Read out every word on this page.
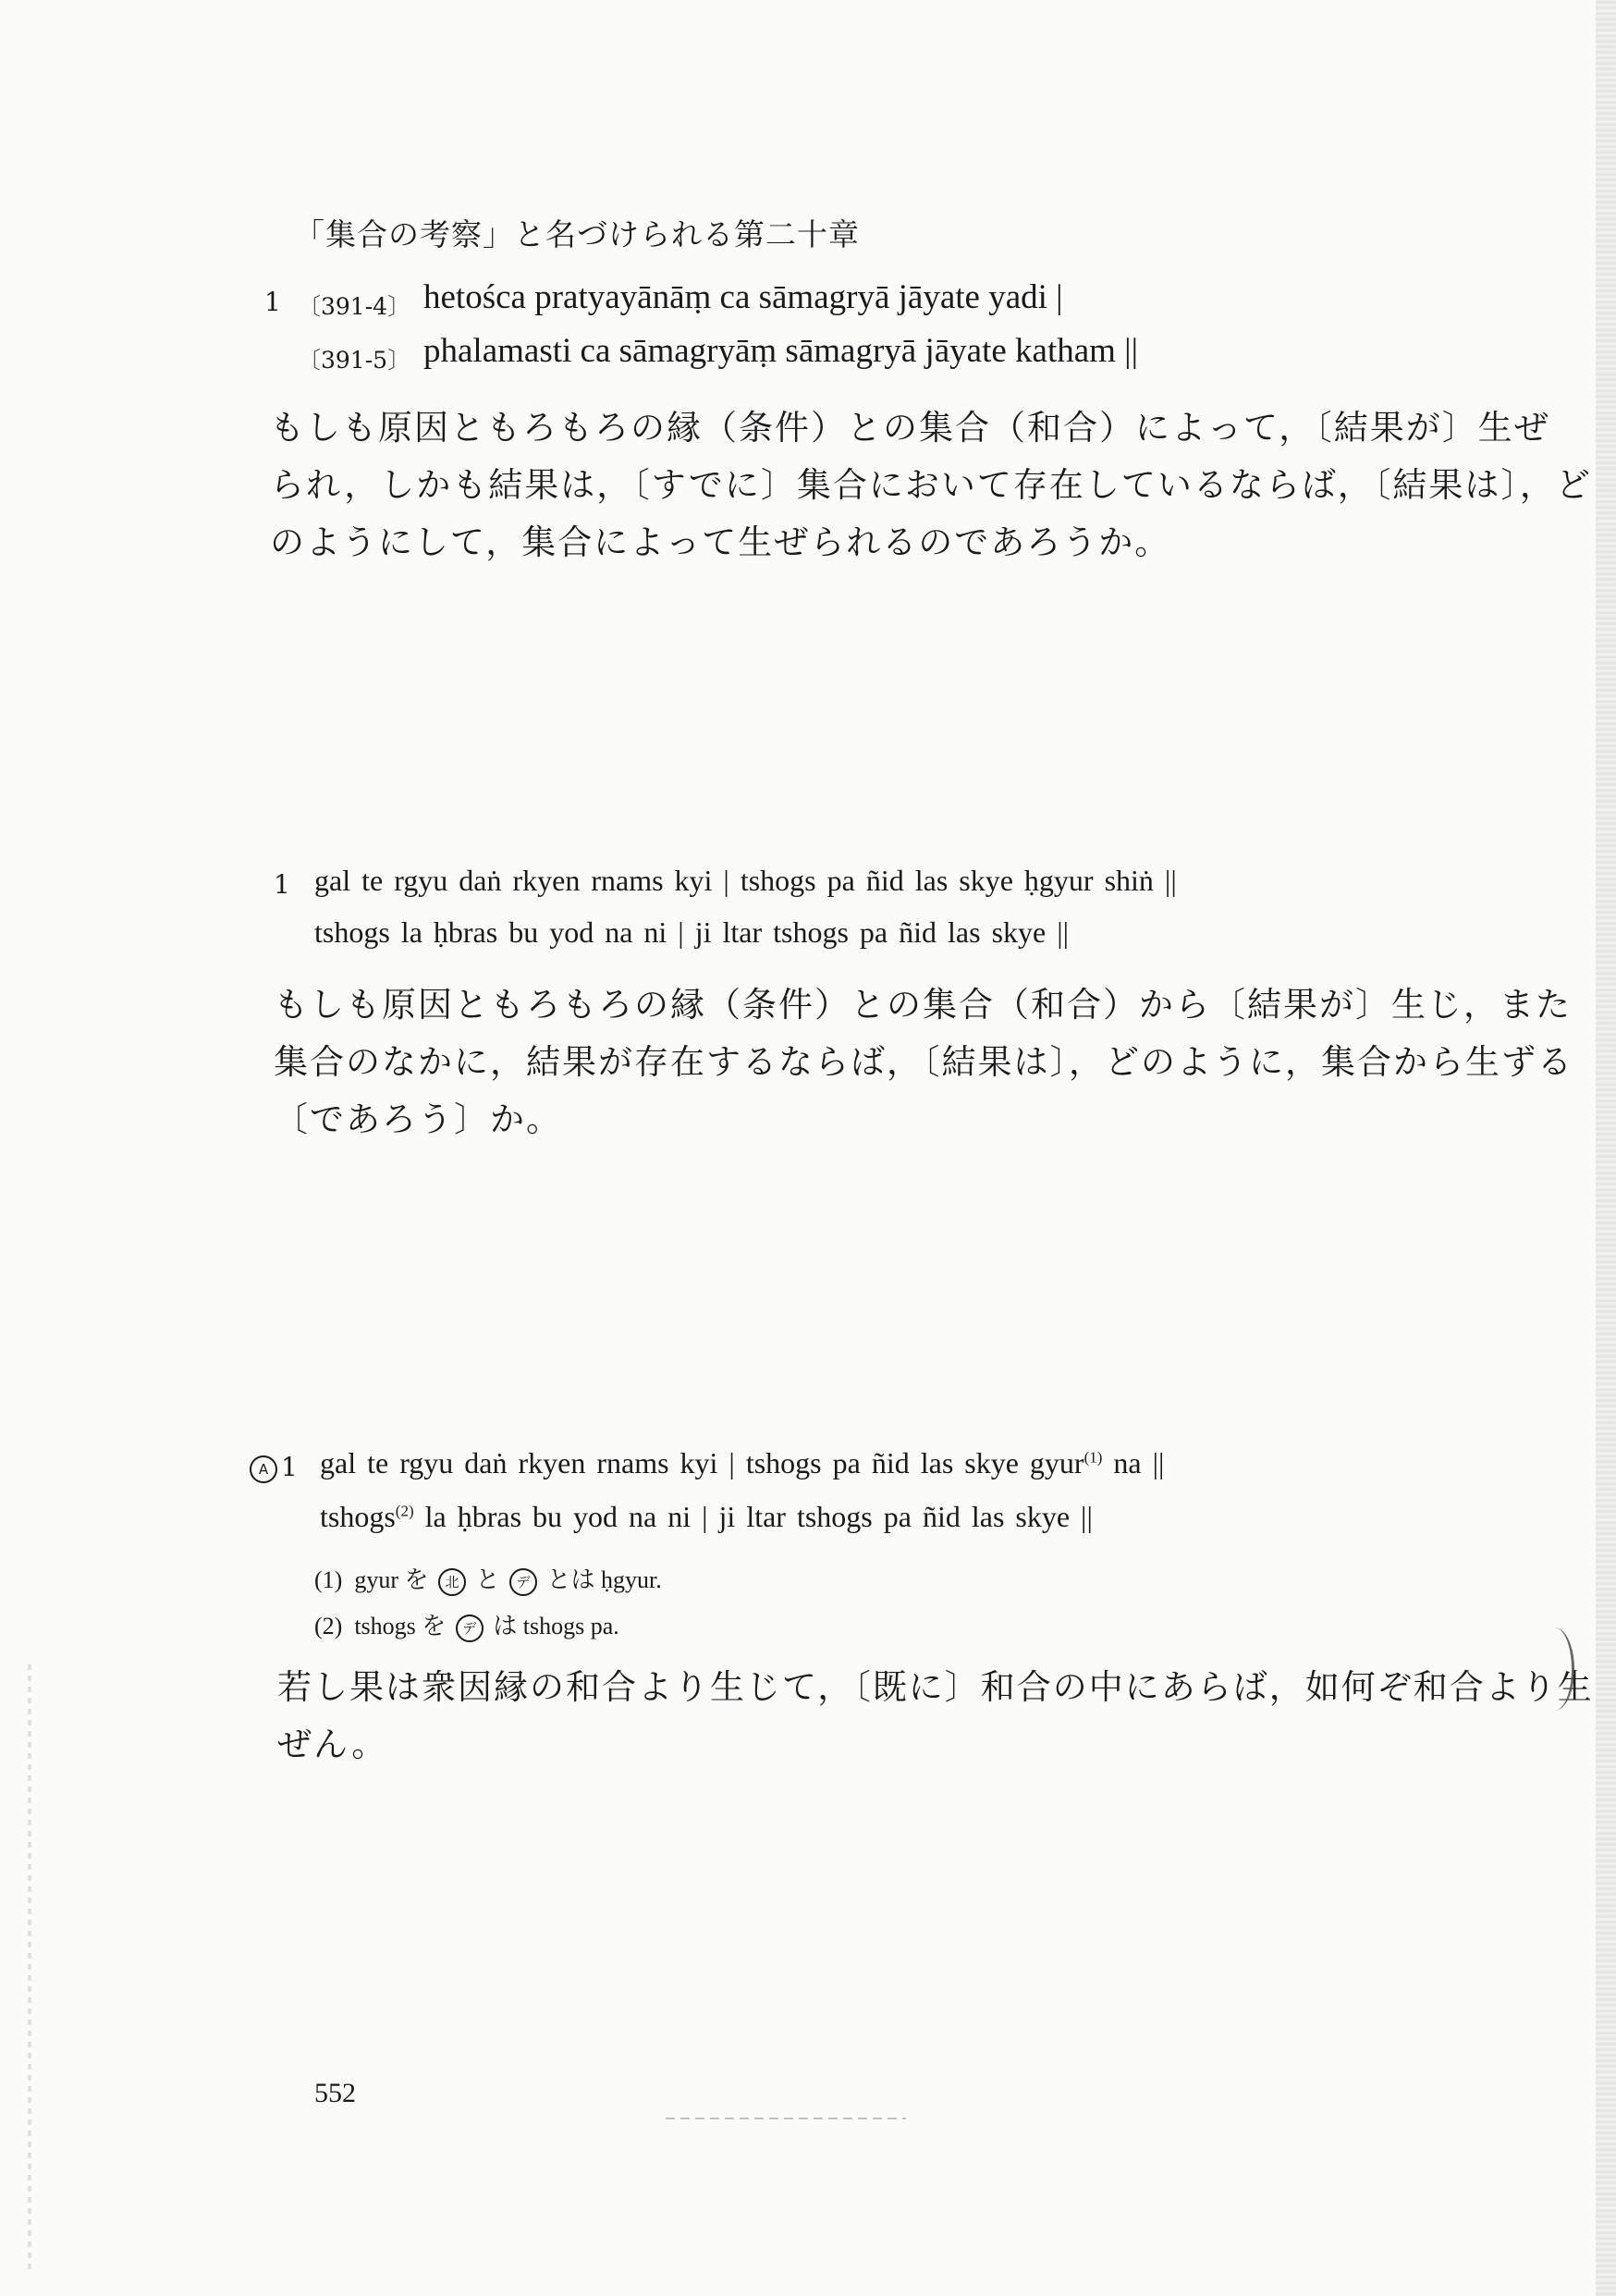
「集合の考察」と名づけられる第二十章
1 〔391-4〕 hetośca pratyayānāṃ ca sāmagryā jāyate yadi |
〔391-5〕 phalamasti ca sāmagryāṃ sāmagryā jāyate katham ||
もしも原因ともろもろの縁（条件）との集合（和合）によって，〔結果が〕生ぜ
られ，しかも結果は，〔すでに〕集合において存在しているならば，〔結果は〕，ど
のようにして，集合によって生ぜられるのであろうか。
1 gal te rgyu daṅ rkyen rnams kyi | tshogs pa ñid las skye ḥgyur shiṅ ||
tshogs la ḥbras bu yod na ni | ji ltar tshogs pa ñid las skye ||
もしも原因ともろもろの縁（条件）との集合（和合）から〔結果が〕生じ，また
集合のなかに，結果が存在するならば，〔結果は〕，どのように，集合から生ずる
〔であろう〕か。
A 1 gal te rgyu daṅ rkyen rnams kyi | tshogs pa ñid las skye gyur$^{(1)}$ na ||
tshogs$^{(2)}$ la ḥbras bu yod na ni | ji ltar tshogs pa ñid las skye ||
(1) gyur を 北 と デ とは ḥgyur.
(2) tshogs を デ は tshogs pa.
若し果は衆因縁の和合より生じて，〔既に〕和合の中にあらば，如何ぞ和合より生
ぜん。
552
